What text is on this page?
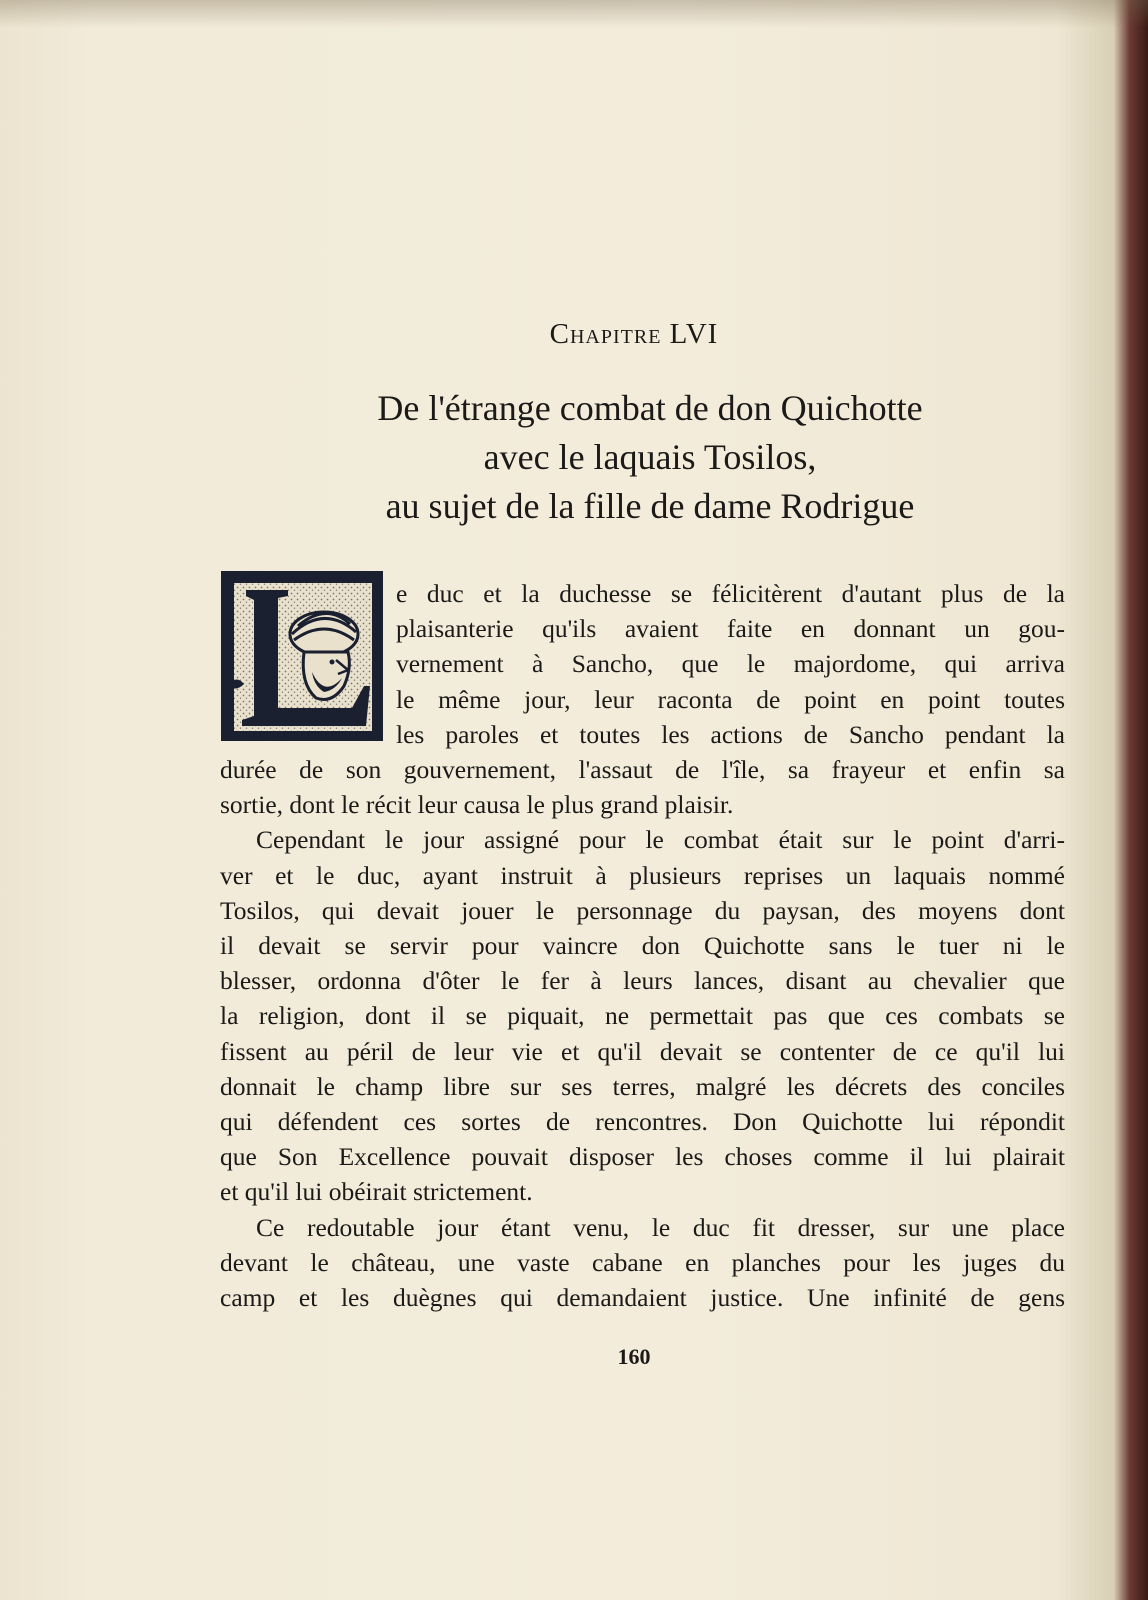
Chapitre LVI
De l'étrange combat de don Quichotte
avec le laquais Tosilos,
au sujet de la fille de dame Rodrigue
e duc et la duchesse se félicitèrent d'autant plus de la
plaisanterie qu'ils avaient faite en donnant un gou-
vernement à Sancho, que le majordome, qui arriva
le même jour, leur raconta de point en point toutes
les paroles et toutes les actions de Sancho pendant la
durée de son gouvernement, l'assaut de l'île, sa frayeur et enfin sa
sortie, dont le récit leur causa le plus grand plaisir.
Cependant le jour assigné pour le combat était sur le point d'arri-
ver et le duc, ayant instruit à plusieurs reprises un laquais nommé
Tosilos, qui devait jouer le personnage du paysan, des moyens dont
il devait se servir pour vaincre don Quichotte sans le tuer ni le
blesser, ordonna d'ôter le fer à leurs lances, disant au chevalier que
la religion, dont il se piquait, ne permettait pas que ces combats se
fissent au péril de leur vie et qu'il devait se contenter de ce qu'il lui
donnait le champ libre sur ses terres, malgré les décrets des conciles
qui défendent ces sortes de rencontres. Don Quichotte lui répondit
que Son Excellence pouvait disposer les choses comme il lui plairait
et qu'il lui obéirait strictement.
Ce redoutable jour étant venu, le duc fit dresser, sur une place
devant le château, une vaste cabane en planches pour les juges du
camp et les duègnes qui demandaient justice. Une infinité de gens
160
